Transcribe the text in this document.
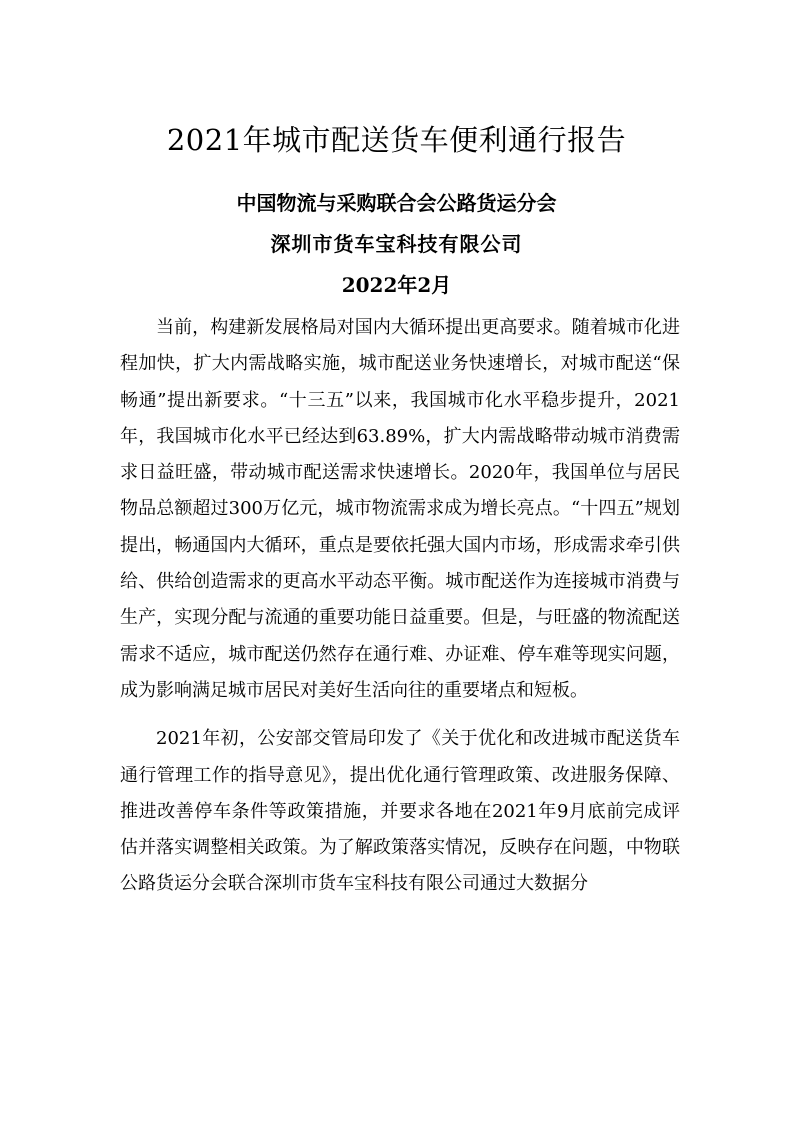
2021年城市配送货车便利通行报告

中国物流与采购联合会公路货运分会

深圳市货车宝科技有限公司

2022年2月

当前，构建新发展格局对国内大循环提出更高要求。随着城市化进程加快，扩大内需战略实施，城市配送业务快速增长，对城市配送“保畅通”提出新要求。“十三五”以来，我国城市化水平稳步提升，2021年，我国城市化水平已经达到63.89%，扩大内需战略带动城市消费需求日益旺盛，带动城市配送需求快速增长。2020年，我国单位与居民物品总额超过300万亿元，城市物流需求成为增长亮点。“十四五”规划提出，畅通国内大循环，重点是要依托强大国内市场，形成需求牵引供给、供给创造需求的更高水平动态平衡。城市配送作为连接城市消费与生产，实现分配与流通的重要功能日益重要。但是，与旺盛的物流配送需求不适应，城市配送仍然存在通行难、办证难、停车难等现实问题，成为影响满足城市居民对美好生活向往的重要堵点和短板。

2021年初，公安部交管局印发了《关于优化和改进城市配送货车通行管理工作的指导意见》，提出优化通行管理政策、改进服务保障、推进改善停车条件等政策措施，并要求各地在2021年9月底前完成评估并落实调整相关政策。为了解政策落实情况，反映存在问题，中物联公路货运分会联合深圳市货车宝科技有限公司通过大数据分
